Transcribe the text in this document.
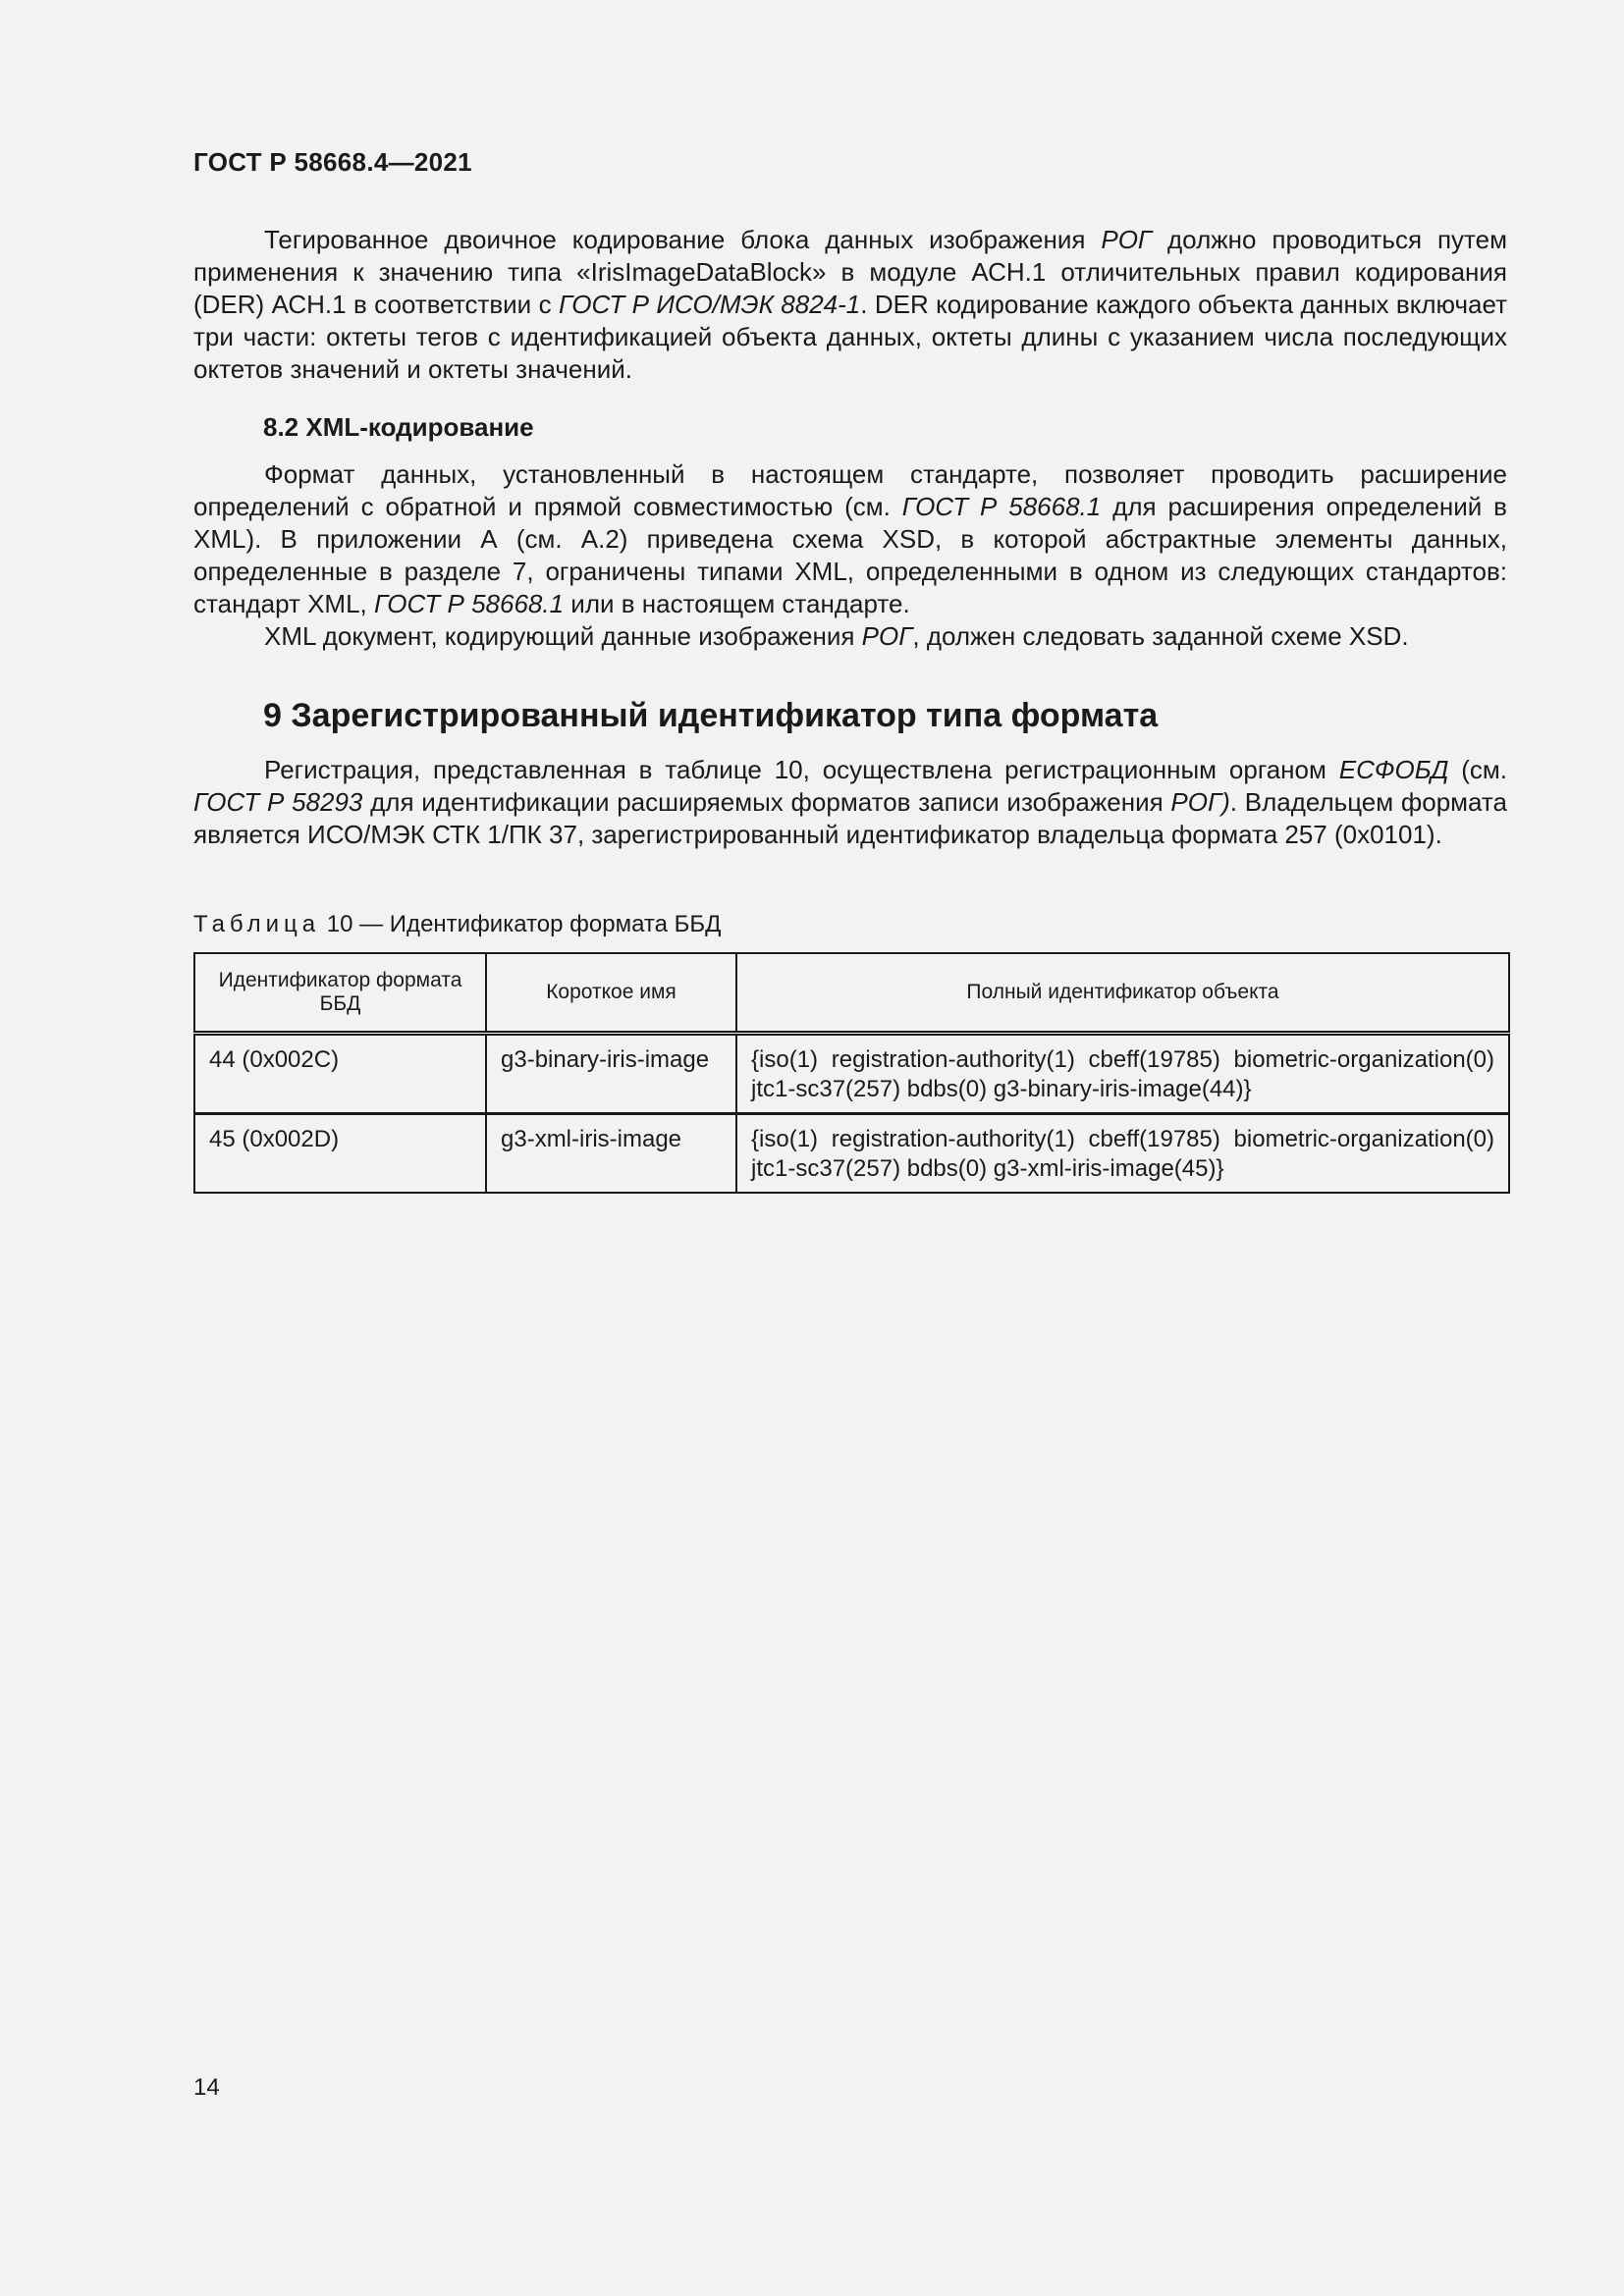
ГОСТ Р 58668.4—2021

Тегированное двоичное кодирование блока данных изображения РОГ должно проводиться путем применения к значению типа «IrisImageDataBlock» в модуле АСН.1 отличительных правил кодирования (DER) АСН.1 в соответствии с ГОСТ Р ИСО/МЭК 8824-1. DER кодирование каждого объекта данных включает три части: октеты тегов с идентификацией объекта данных, октеты длины с указанием числа последующих октетов значений и октеты значений.

8.2 XML-кодирование

Формат данных, установленный в настоящем стандарте, позволяет проводить расширение определений с обратной и прямой совместимостью (см. ГОСТ Р 58668.1 для расширения определений в XML). В приложении А (см. А.2) приведена схема XSD, в которой абстрактные элементы данных, определенные в разделе 7, ограничены типами XML, определенными в одном из следующих стандартов: стандарт XML, ГОСТ Р 58668.1 или в настоящем стандарте.

XML документ, кодирующий данные изображения РОГ, должен следовать заданной схеме XSD.

9 Зарегистрированный идентификатор типа формата

Регистрация, представленная в таблице 10, осуществлена регистрационным органом ЕСФОБД (см. ГОСТ Р 58293 для идентификации расширяемых форматов записи изображения РОГ). Владельцем формата является ИСО/МЭК СТК 1/ПК 37, зарегистрированный идентификатор владельца формата 257 (0x0101).

Таблица 10 — Идентификатор формата ББД
Идентификатор формата ББД	Короткое имя	Полный идентификатор объекта
44 (0x002C)	g3-binary-iris-image	{iso(1) registration-authority(1) cbeff(19785) biometric-organization(0) jtc1-sc37(257) bdbs(0) g3-binary-iris-image(44)}
45 (0x002D)	g3-xml-iris-image	{iso(1) registration-authority(1) cbeff(19785) biometric-organization(0) jtc1-sc37(257) bdbs(0) g3-xml-iris-image(45)}
14
